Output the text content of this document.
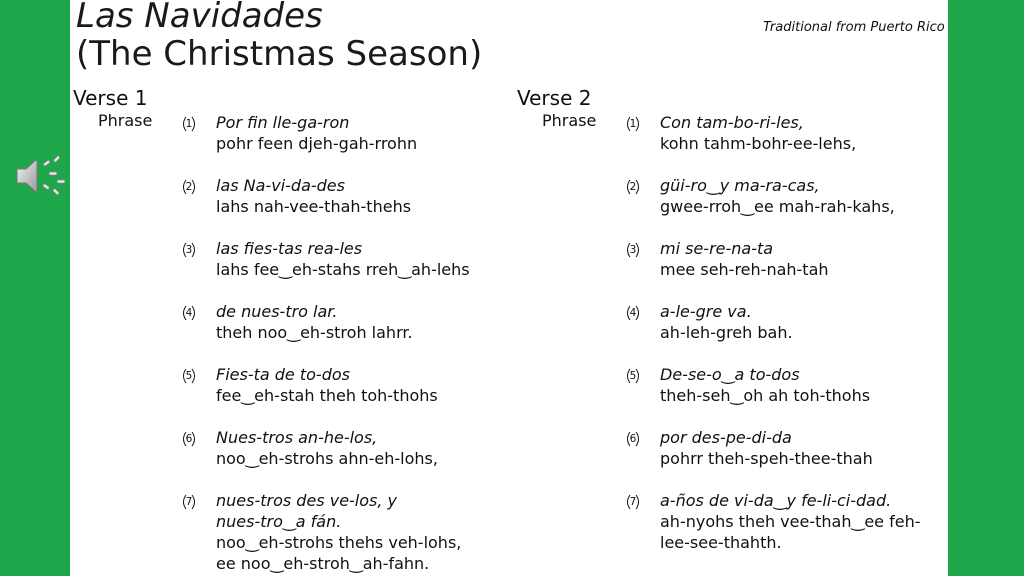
Las Navidades
(The Christmas Season)
Traditional from Puerto Rico
Verse 1
Phrase
Verse 2
Phrase
1	Por fin lle-ga-ron
pohr feen djeh-gah-rrohn
2	las Na-vi-da-des
lahs nah-vee-thah-thehs
3	las fies-tas rea-les
lahs fee‿eh-stahs rreh‿ah-lehs
4	de nues-tro lar.
theh noo‿eh-stroh lahrr.
5	Fies-ta de to-dos
fee‿eh-stah theh toh-thohs
6	Nues-tros an-he-los,
noo‿eh-strohs ahn-eh-lohs,
7	nues-tros des ve-los, y
nues-tro‿a fán.
noo‿eh-strohs thehs veh-lohs,
ee noo‿eh-stroh‿ah-fahn.
1	Con tam-bo-ri-les,
kohn tahm-bohr-ee-lehs,
2	güi-ro‿y ma-ra-cas,
gwee-rroh‿ee mah-rah-kahs,
3	mi se-re-na-ta
mee seh-reh-nah-tah
4	a-le-gre va.
ah-leh-greh bah.
5	De-se-o‿a to-dos
theh-seh‿oh ah toh-thohs
6	por des-pe-di-da
pohrr theh-speh-thee-thah
7	a-ños de vi-da‿y fe-li-ci-dad.
ah-nyohs theh vee-thah‿ee feh-
lee-see-thahth.
